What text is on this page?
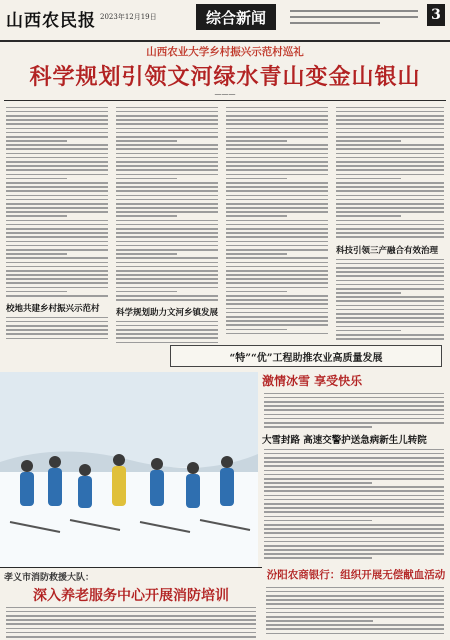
山西农民报 2023年12月19日	综合新闻	3
山西农业大学乡村振兴示范村巡礼
科学规划引领文河绿水青山变金山银山
———
校地共建乡村振兴示范村 科学规划助力文河乡镇发展
科技引领三产融合有效治理
“特”“优”工程助推农业高质量发展
激情冰雪 享受快乐
大雪封路 高速交警护送急病新生儿转院
孝义市消防救援大队：
深入养老服务中心开展消防培训
汾阳农商银行：组织开展无偿献血活动
